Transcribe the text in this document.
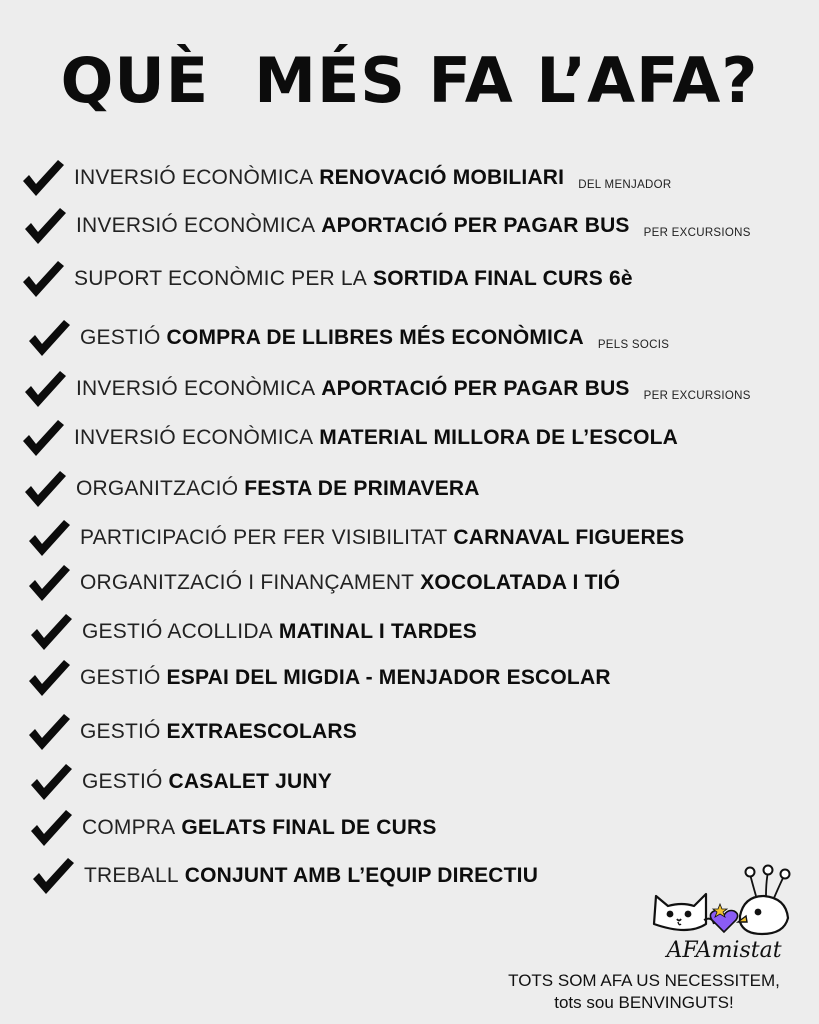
QUÈ  MÉS FA L’AFA?
INVERSIÓ ECONÒMICA RENOVACIÓ MOBILIARI DEL MENJADOR
INVERSIÓ ECONÒMICA APORTACIÓ PER PAGAR BUS PER EXCURSIONS
SUPORT ECONÒMIC PER LA SORTIDA FINAL CURS 6è
GESTIÓ COMPRA DE LLIBRES MÉS ECONÒMICA PELS SOCIS
INVERSIÓ ECONÒMICA APORTACIÓ PER PAGAR BUS PER EXCURSIONS
INVERSIÓ ECONÒMICA MATERIAL MILLORA DE L’ESCOLA
ORGANITZACIÓ FESTA DE PRIMAVERA
PARTICIPACIÓ PER FER VISIBILITAT CARNAVAL FIGUERES
ORGANITZACIÓ I FINANÇAMENT XOCOLATADA I TIÓ
GESTIÓ ACOLLIDA MATINAL I TARDES
GESTIÓ ESPAI DEL MIGDIA - MENJADOR ESCOLAR
GESTIÓ EXTRAESCOLARS
GESTIÓ CASALET JUNY
COMPRA GELATS FINAL DE CURS
TREBALL CONJUNT AMB L’EQUIP DIRECTIU
AFAmistat
TOTS SOM AFA US NECESSITEM,
tots sou BENVINGUTS!
